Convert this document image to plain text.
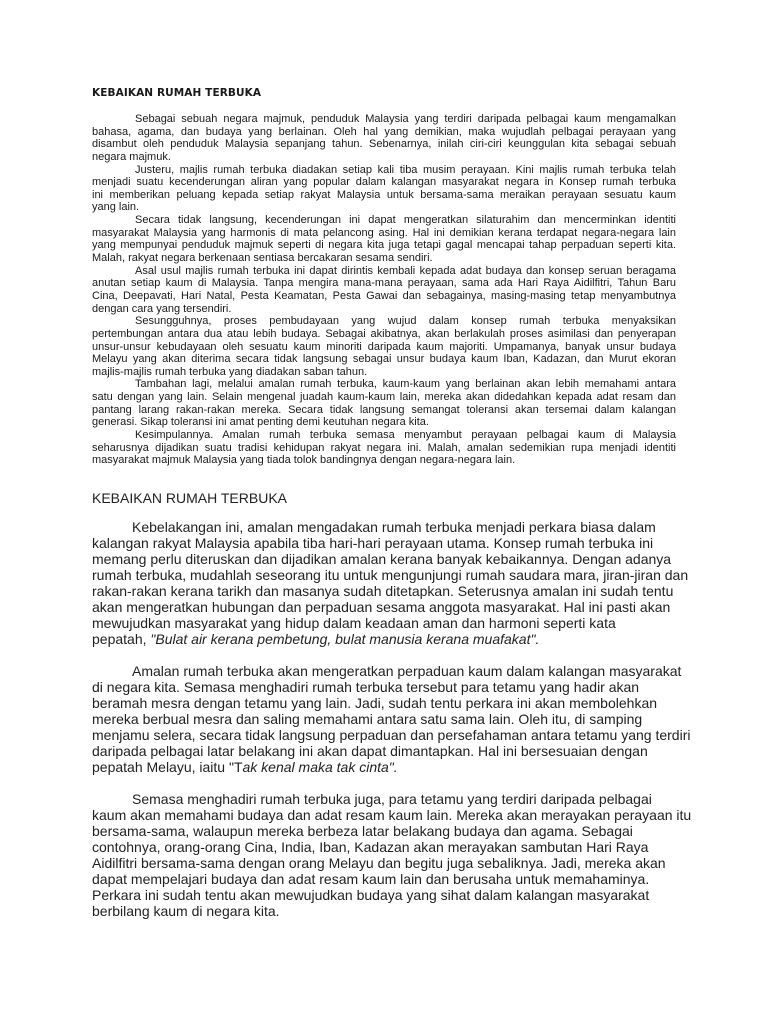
KEBAIKAN RUMAH TERBUKA
Sebagai sebuah negara majmuk, penduduk Malaysia yang terdiri daripada pelbagai kaum mengamalkan
bahasa, agama, dan budaya yang berlainan. Oleh hal yang demikian, maka wujudlah pelbagai perayaan yang
disambut oleh penduduk Malaysia sepanjang tahun. Sebenarnya, inilah ciri-ciri keunggulan kita sebagai sebuah
negara majmuk.
Justeru, majlis rumah terbuka diadakan setiap kali tiba musim perayaan. Kini majlis rumah terbuka telah
menjadi suatu kecenderungan aliran yang popular dalam kalangan masyarakat negara in Konsep rumah terbuka
ini memberikan peluang kepada setiap rakyat Malaysia untuk bersama-sama meraikan perayaan sesuatu kaum
yang lain.
Secara tidak langsung, kecenderungan ini dapat mengeratkan silaturahim dan mencerminkan identiti
masyarakat Malaysia yang harmonis di mata pelancong asing. Hal ini demikian kerana terdapat negara-negara lain
yang mempunyai penduduk majmuk seperti di negara kita juga tetapi gagal mencapai tahap perpaduan seperti kita.
Malah, rakyat negara berkenaan sentiasa bercakaran sesama sendiri.
Asal usul majlis rumah terbuka ini dapat dirintis kembali kepada adat budaya dan konsep seruan beragama
anutan setiap kaum di Malaysia. Tanpa mengira mana-mana perayaan, sama ada Hari Raya Aidilfitri, Tahun Baru
Cina, Deepavati, Hari Natal, Pesta Keamatan, Pesta Gawai dan sebagainya, masing-masing tetap menyambutnya
dengan cara yang tersendiri.
Sesungguhnya, proses pembudayaan yang wujud dalam konsep rumah terbuka menyaksikan
pertembungan antara dua atau lebih budaya. Sebagai akibatnya, akan berlakulah proses asimilasi dan penyerapan
unsur-unsur kebudayaan oleh sesuatu kaum minoriti daripada kaum majoriti. Umpamanya, banyak unsur budaya
Melayu yang akan diterima secara tidak langsung sebagai unsur budaya kaum Iban, Kadazan, dan Murut ekoran
majlis-majlis rumah terbuka yang diadakan saban tahun.
Tambahan lagi, melalui amalan rumah terbuka, kaum-kaum yang berlainan akan lebih memahami antara
satu dengan yang lain. Selain mengenal juadah kaum-kaum lain, mereka akan didedahkan kepada adat resam dan
pantang larang rakan-rakan mereka. Secara tidak langsung semangat toleransi akan tersemai dalam kalangan
generasi. Sikap toleransi ini amat penting demi keutuhan negara kita.
Kesimpulannya. Amalan rumah terbuka semasa menyambut perayaan pelbagai kaum di Malaysia
seharusnya dijadikan suatu tradisi kehidupan rakyat negara ini. Malah, amalan sedemikian rupa menjadi identiti
masyarakat majmuk Malaysia yang tiada tolok bandingnya dengan negara-negara lain.
KEBAIKAN RUMAH TERBUKA
Kebelakangan ini, amalan mengadakan rumah terbuka menjadi perkara biasa dalam
kalangan rakyat Malaysia apabila tiba hari-hari perayaan utama. Konsep rumah terbuka ini
memang perlu diteruskan dan dijadikan amalan kerana banyak kebaikannya. Dengan adanya
rumah terbuka, mudahlah seseorang itu untuk mengunjungi rumah saudara mara, jiran-jiran dan
rakan-rakan kerana tarikh dan masanya sudah ditetapkan. Seterusnya amalan ini sudah tentu
akan mengeratkan hubungan dan perpaduan sesama anggota masyarakat. Hal ini pasti akan
mewujudkan masyarakat yang hidup dalam keadaan aman dan harmoni seperti kata
pepatah, "Bulat air kerana pembetung, bulat manusia kerana muafakat".
Amalan rumah terbuka akan mengeratkan perpaduan kaum dalam kalangan masyarakat
di negara kita. Semasa menghadiri rumah terbuka tersebut para tetamu yang hadir akan
beramah mesra dengan tetamu yang lain. Jadi, sudah tentu perkara ini akan membolehkan
mereka berbual mesra dan saling memahami antara satu sama lain. Oleh itu, di samping
menjamu selera, secara tidak langsung perpaduan dan persefahaman antara tetamu yang terdiri
daripada pelbagai latar belakang ini akan dapat dimantapkan. Hal ini bersesuaian dengan
pepatah Melayu, iaitu "Tak kenal maka tak cinta".
Semasa menghadiri rumah terbuka juga, para tetamu yang terdiri daripada pelbagai
kaum akan memahami budaya dan adat resam kaum lain. Mereka akan merayakan perayaan itu
bersama-sama, walaupun mereka berbeza latar belakang budaya dan agama. Sebagai
contohnya, orang-orang Cina, India, Iban, Kadazan akan merayakan sambutan Hari Raya
Aidilfitri bersama-sama dengan orang Melayu dan begitu juga sebaliknya. Jadi, mereka akan
dapat mempelajari budaya dan adat resam kaum lain dan berusaha untuk memahaminya.
Perkara ini sudah tentu akan mewujudkan budaya yang sihat dalam kalangan masyarakat
berbilang kaum di negara kita.
